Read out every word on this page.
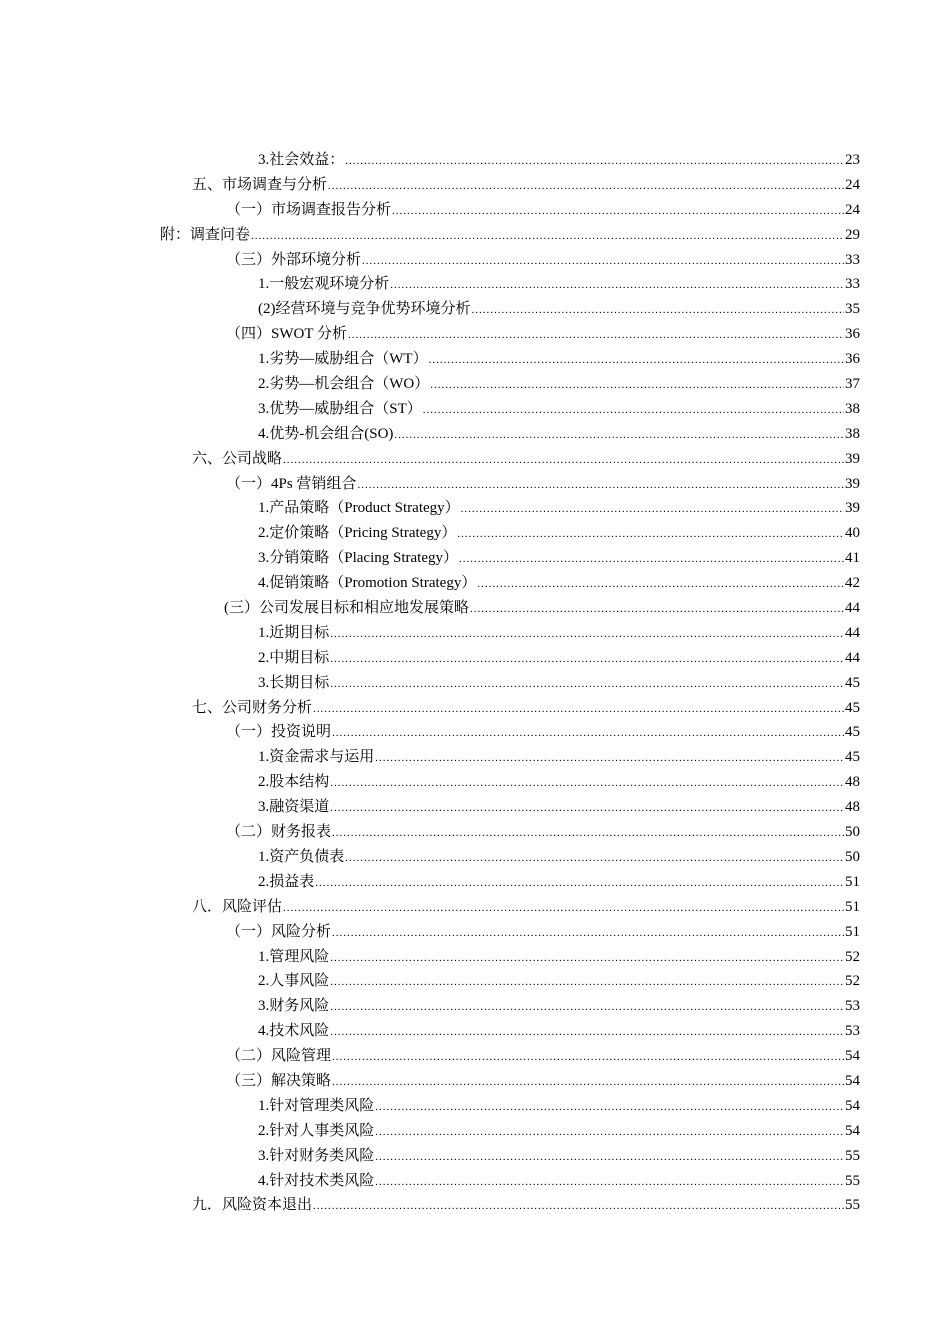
3.社会效益： .....	23
五、市场调查与分析 .....	24
（一）市场调查报告分析 .....	24
附：调查问卷 .....	29
（三）外部环境分析 .....	33
1.一般宏观环境分析 .....	33
(2)经营环境与竞争优势环境分析 .....	35
（四）SWOT 分析 .....	36
1.劣势—威胁组合（WT） .....	36
2.劣势—机会组合（WO） .....	37
3.优势—威胁组合（ST） .....	38
4.优势-机会组合(SO) .....	38
六、公司战略 .....	39
（一）4Ps 营销组合 .....	39
1.产品策略（Product Strategy） .....	39
2.定价策略（Pricing Strategy） .....	40
3.分销策略（Placing Strategy） .....	41
4.促销策略（Promotion Strategy） .....	42
(三）公司发展目标和相应地发展策略 .....	44
1.近期目标 .....	44
2.中期目标 .....	44
3.长期目标 .....	45
七、公司财务分析 .....	45
（一）投资说明 .....	45
1.资金需求与运用 .....	45
2.股本结构 .....	48
3.融资渠道 .....	48
（二）财务报表 .....	50
1.资产负债表 .....	50
2.损益表 .....	51
八．风险评估 .....	51
（一）风险分析 .....	51
1.管理风险 .....	52
2.人事风险 .....	52
3.财务风险 .....	53
4.技术风险 .....	53
（二）风险管理 .....	54
（三）解决策略 .....	54
1.针对管理类风险 .....	54
2.针对人事类风险 .....	54
3.针对财务类风险 .....	55
4.针对技术类风险 .....	55
九．风险资本退出 .....	55
